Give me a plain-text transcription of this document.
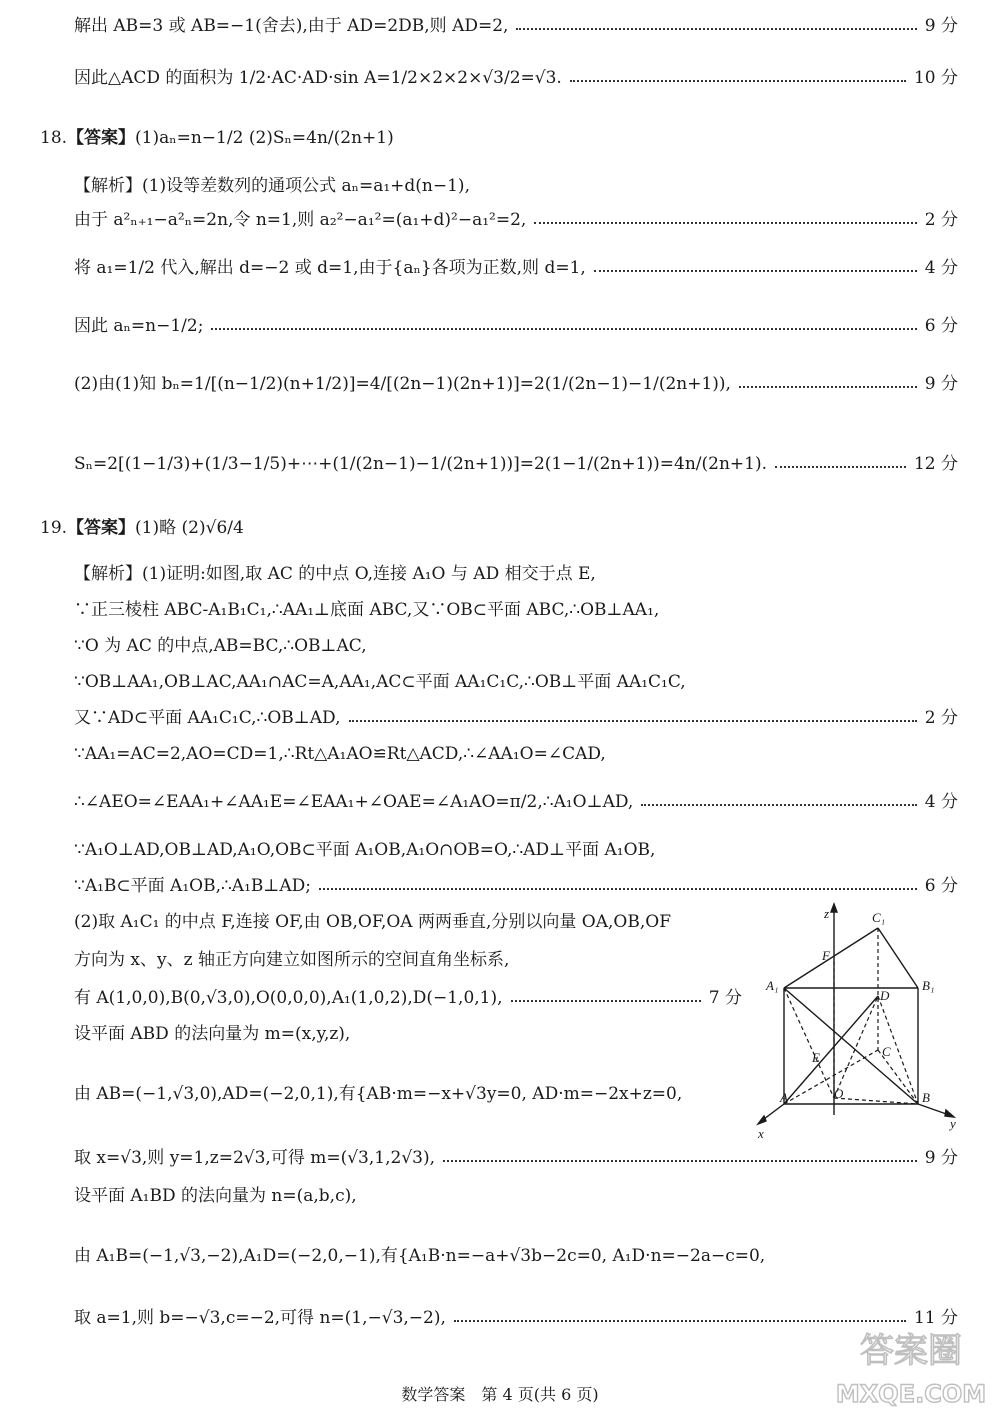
解出 AB=3 或 AB=−1(舍去),由于 AD=2DB,则 AD=2,	9 分
因此△ACD 的面积为 1/2·AC·AD·sin A=1/2×2×2×√3/2=√3.	10 分
18.【答案】(1)aₙ=n−1/2 (2)Sₙ=4n/(2n+1)
【解析】(1)设等差数列的通项公式 aₙ=a₁+d(n−1),
由于 a²ₙ₊₁−a²ₙ=2n,令 n=1,则 a₂²−a₁²=(a₁+d)²−a₁²=2,	2 分
将 a₁=1/2 代入,解出 d=−2 或 d=1,由于{aₙ}各项为正数,则 d=1,	4 分
因此 aₙ=n−1/2;	6 分
(2)由(1)知 bₙ=1/[(n−1/2)(n+1/2)]=4/[(2n−1)(2n+1)]=2(1/(2n−1)−1/(2n+1)),	9 分
Sₙ=2[(1−1/3)+(1/3−1/5)+⋯+(1/(2n−1)−1/(2n+1))]=2(1−1/(2n+1))=4n/(2n+1).	12 分
19.【答案】(1)略 (2)√6/4
【解析】(1)证明:如图,取 AC 的中点 O,连接 A₁O 与 AD 相交于点 E,
∵正三棱柱 ABC-A₁B₁C₁,∴AA₁⊥底面 ABC,又∵OB⊂平面 ABC,∴OB⊥AA₁,
∵O 为 AC 的中点,AB=BC,∴OB⊥AC,
∵OB⊥AA₁,OB⊥AC,AA₁∩AC=A,AA₁,AC⊂平面 AA₁C₁C,∴OB⊥平面 AA₁C₁C,
又∵AD⊂平面 AA₁C₁C,∴OB⊥AD,	2 分
∵AA₁=AC=2,AO=CD=1,∴Rt△A₁AO≌Rt△ACD,∴∠AA₁O=∠CAD,
∴∠AEO=∠EAA₁+∠AA₁E=∠EAA₁+∠OAE=∠A₁AO=π/2,∴A₁O⊥AD,	4 分
∵A₁O⊥AD,OB⊥AD,A₁O,OB⊂平面 A₁OB,A₁O∩OB=O,∴AD⊥平面 A₁OB,
∵A₁B⊂平面 A₁OB,∴A₁B⊥AD;	6 分
(2)取 A₁C₁ 的中点 F,连接 OF,由 OB,OF,OA 两两垂直,分别以向量 OA,OB,OF
方向为 x、y、z 轴正方向建立如图所示的空间直角坐标系,
有 A(1,0,0),B(0,√3,0),O(0,0,0),A₁(1,0,2),D(−1,0,1),	7 分
设平面 ABD 的法向量为 m=(x,y,z),
由 AB=(−1,√3,0),AD=(−2,0,1),有{AB·m=−x+√3y=0, AD·m=−2x+z=0,
取 x=√3,则 y=1,z=2√3,可得 m=(√3,1,2√3),	9 分
设平面 A₁BD 的法向量为 n=(a,b,c),
由 A₁B=(−1,√3,−2),A₁D=(−2,0,−1),有{A₁B·n=−a+√3b−2c=0, A₁D·n=−2a−c=0,
取 a=1,则 b=−√3,c=−2,可得 n=(1,−√3,−2),	11 分
z	C₁
F
A₁	B₁
D
E	C
A	O	B
x
y
数学答案　第 4 页(共 6 页)
答案圈
MXQE.COM
